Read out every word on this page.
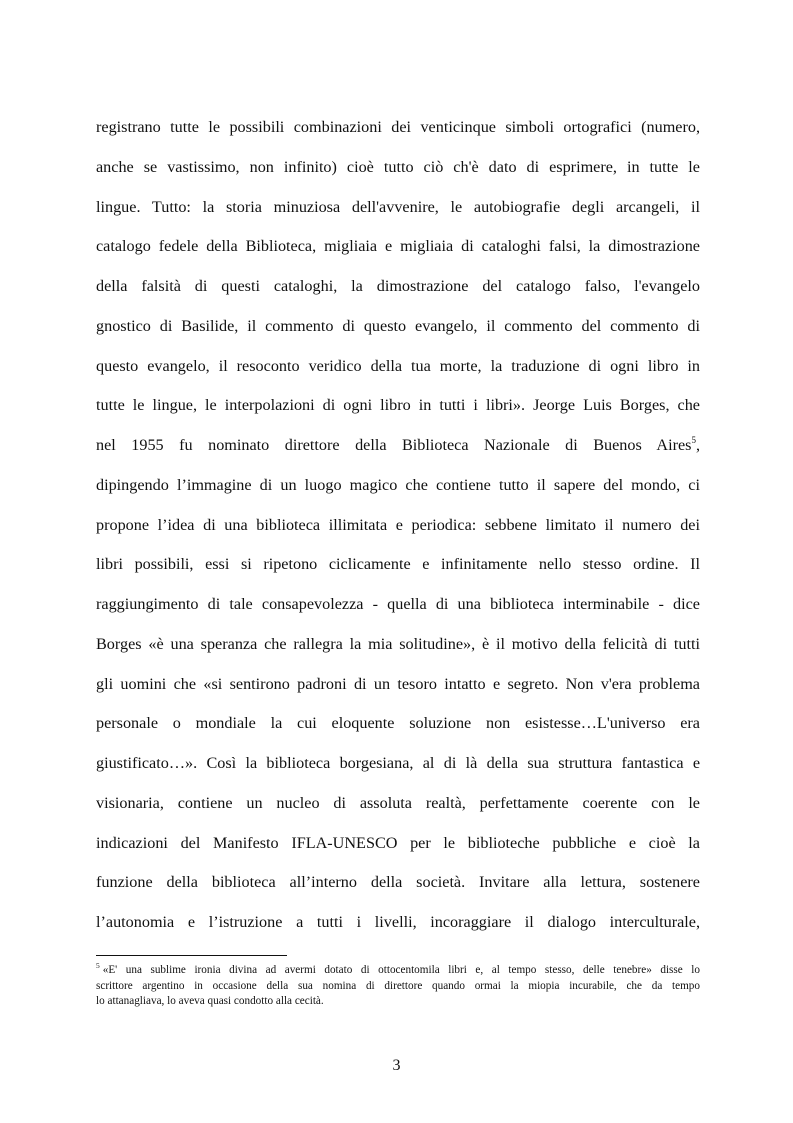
registrano tutte le possibili combinazioni dei venticinque simboli ortografici (numero,
anche se vastissimo, non infinito) cioè tutto ciò ch'è dato di esprimere, in tutte le
lingue. Tutto: la storia minuziosa dell'avvenire, le autobiografie degli arcangeli, il
catalogo fedele della Biblioteca, migliaia e migliaia di cataloghi falsi, la dimostrazione
della falsità di questi cataloghi, la dimostrazione del catalogo falso, l'evangelo
gnostico di Basilide, il commento di questo evangelo, il commento del commento di
questo evangelo, il resoconto veridico della tua morte, la traduzione di ogni libro in
tutte le lingue, le interpolazioni di ogni libro in tutti i libri». Jeorge Luis Borges, che
nel 1955 fu nominato direttore della Biblioteca Nazionale di Buenos Aires$^5$,
dipingendo l’immagine di un luogo magico che contiene tutto il sapere del mondo, ci
propone l’idea di una biblioteca illimitata e periodica: sebbene limitato il numero dei
libri possibili, essi si ripetono ciclicamente e infinitamente nello stesso ordine. Il
raggiungimento di tale consapevolezza - quella di una biblioteca interminabile - dice
Borges «è una speranza che rallegra la mia solitudine», è il motivo della felicità di tutti
gli uomini che «si sentirono padroni di un tesoro intatto e segreto. Non v'era problema
personale o mondiale la cui eloquente soluzione non esistesse…L'universo era
giustificato…». Così la biblioteca borgesiana, al di là della sua struttura fantastica e
visionaria, contiene un nucleo di assoluta realtà, perfettamente coerente con le
indicazioni del Manifesto IFLA-UNESCO per le biblioteche pubbliche e cioè la
funzione della biblioteca all’interno della società. Invitare alla lettura, sostenere
l’autonomia e l’istruzione a tutti i livelli, incoraggiare il dialogo interculturale,
$^5$ «E' una sublime ironia divina ad avermi dotato di ottocentomila libri e, al tempo stesso, delle tenebre» disse lo
scrittore argentino in occasione della sua nomina di direttore quando ormai la miopia incurabile, che da tempo
lo attanagliava, lo aveva quasi condotto alla cecità.
3
